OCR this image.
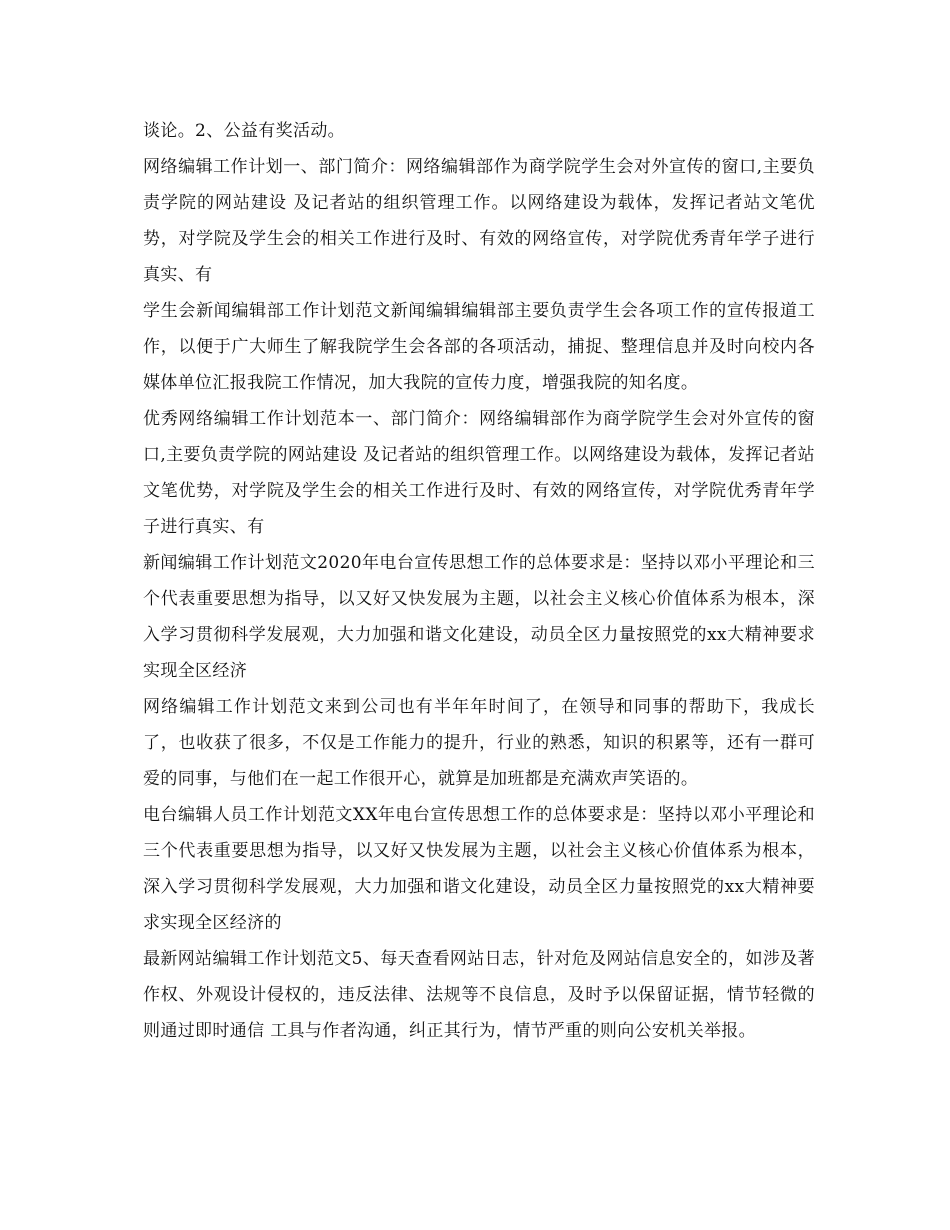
谈论。2、公益有奖活动。

网络编辑工作计划一、部门简介：网络编辑部作为商学院学生会对外宣传的窗口,主要负责学院的网站建设 及记者站的组织管理工作。以网络建设为载体，发挥记者站文笔优势，对学院及学生会的相关工作进行及时、有效的网络宣传，对学院优秀青年学子进行真实、有

学生会新闻编辑部工作计划范文新闻编辑编辑部主要负责学生会各项工作的宣传报道工作，以便于广大师生了解我院学生会各部的各项活动，捕捉、整理信息并及时向校内各媒体单位汇报我院工作情况，加大我院的宣传力度，增强我院的知名度。

优秀网络编辑工作计划范本一、部门简介：网络编辑部作为商学院学生会对外宣传的窗口,主要负责学院的网站建设 及记者站的组织管理工作。以网络建设为载体，发挥记者站文笔优势，对学院及学生会的相关工作进行及时、有效的网络宣传，对学院优秀青年学子进行真实、有

新闻编辑工作计划范文2020年电台宣传思想工作的总体要求是：坚持以邓小平理论和三个代表重要思想为指导，以又好又快发展为主题，以社会主义核心价值体系为根本，深入学习贯彻科学发展观，大力加强和谐文化建设，动员全区力量按照党的xx大精神要求实现全区经济

网络编辑工作计划范文来到公司也有半年年时间了，在领导和同事的帮助下，我成长了，也收获了很多，不仅是工作能力的提升，行业的熟悉，知识的积累等，还有一群可爱的同事，与他们在一起工作很开心，就算是加班都是充满欢声笑语的。

电台编辑人员工作计划范文XX年电台宣传思想工作的总体要求是：坚持以邓小平理论和三个代表重要思想为指导，以又好又快发展为主题，以社会主义核心价值体系为根本，深入学习贯彻科学发展观，大力加强和谐文化建设，动员全区力量按照党的xx大精神要求实现全区经济的

最新网站编辑工作计划范文5、每天查看网站日志，针对危及网站信息安全的，如涉及著作权、外观设计侵权的，违反法律、法规等不良信息，及时予以保留证据，情节轻微的则通过即时通信 工具与作者沟通，纠正其行为，情节严重的则向公安机关举报。
